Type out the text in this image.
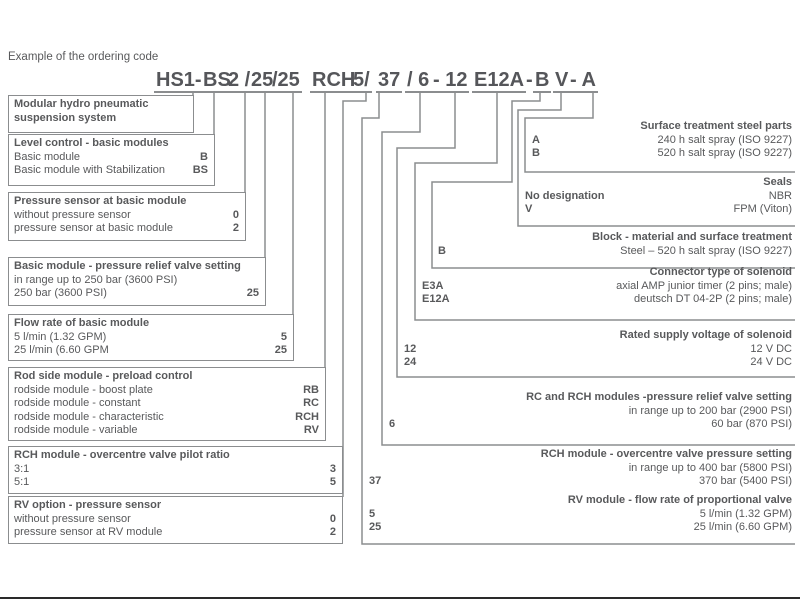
Example of the ordering code
HS1- BS
2 / 25
/25 RCH
5/ 37 / 6 - 12 E12A - B V - A
Modular hydro pneumatic suspension system
Level control - basic modules
Basic module	B
Basic module with Stabilization	BS
Pressure sensor at basic module
without pressure sensor	0
pressure sensor at basic module	2
Basic module - pressure relief valve setting
in range up to 250 bar (3600 PSI)
250 bar (3600 PSI)	25
Flow rate of basic module
5 l/min (1.32 GPM)	5
25 l/min (6.60 GPM	25
Rod side module - preload control
rodside module - boost plate	RB
rodside module - constant	RC
rodside module - characteristic	RCH
rodside module - variable	RV
RCH module - overcentre valve pilot ratio
3:1	3
5:1	5
RV option - pressure sensor
without pressure sensor	0
pressure sensor at RV module	2
Surface treatment steel parts
A	240 h salt spray (ISO 9227)
B	520 h salt spray (ISO 9227)
Seals
No designation	NBR
V	FPM (Viton)
Block - material and surface treatment
B	Steel – 520 h salt spray (ISO 9227)
Connector type of solenoid
E3A	axial AMP junior timer (2 pins; male)
E12A	deutsch DT 04-2P (2 pins; male)
Rated supply voltage of solenoid
12	12 V DC
24	24 V DC
RC and RCH modules -pressure relief valve setting
in range up to 200 bar (2900 PSI)
6	60 bar (870 PSI)
RCH module - overcentre valve pressure setting
in range up to 400 bar (5800 PSI)
37	370 bar (5400 PSI)
RV module - flow rate of proportional valve
5	5 l/min (1.32 GPM)
25	25 l/min (6.60 GPM)
